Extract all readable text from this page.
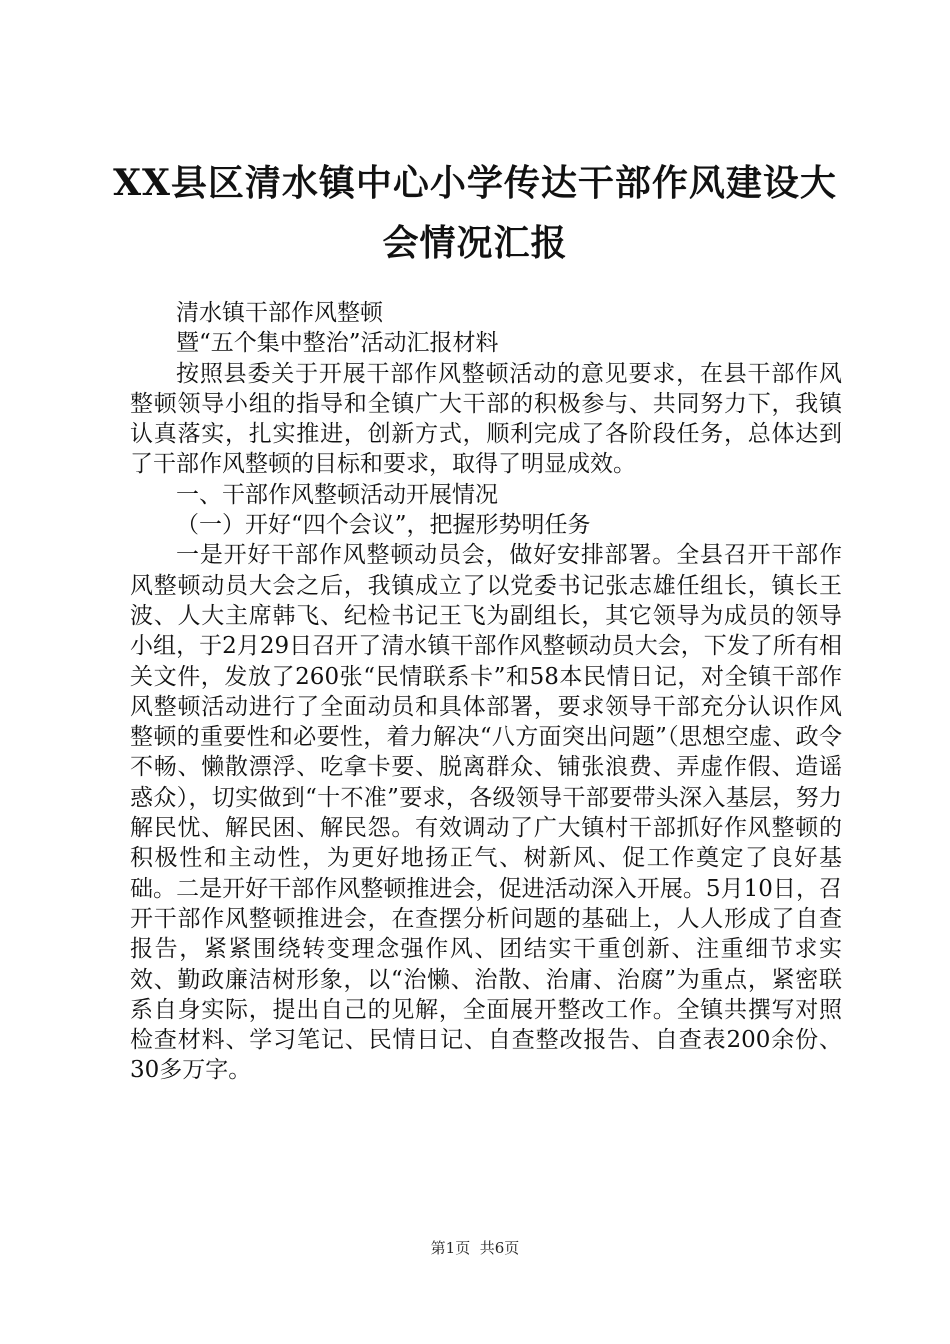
XX县区清水镇中心小学传达干部作风建设大
会情况汇报

清水镇干部作风整顿

暨“五个集中整治”活动汇报材料

按照县委关于开展干部作风整顿活动的意见要求，在县干部作风整顿领导小组的指导和全镇广大干部的积极参与、共同努力下，我镇认真落实，扎实推进，创新方式，顺利完成了各阶段任务，总体达到了干部作风整顿的目标和要求，取得了明显成效。

一、干部作风整顿活动开展情况

（一）开好“四个会议”，把握形势明任务

一是开好干部作风整顿动员会，做好安排部署。全县召开干部作风整顿动员大会之后，我镇成立了以党委书记张志雄任组长，镇长王波、人大主席韩飞、纪检书记王飞为副组长，其它领导为成员的领导小组，于2月29日召开了清水镇干部作风整顿动员大会，下发了所有相关文件，发放了260张“民情联系卡”和58本民情日记，对全镇干部作风整顿活动进行了全面动员和具体部署，要求领导干部充分认识作风整顿的重要性和必要性，着力解决“八方面突出问题”（思想空虚、政令不畅、懒散漂浮、吃拿卡要、脱离群众、铺张浪费、弄虚作假、造谣惑众），切实做到“十不准”要求，各级领导干部要带头深入基层，努力解民忧、解民困、解民怨。有效调动了广大镇村干部抓好作风整顿的积极性和主动性，为更好地扬正气、树新风、促工作奠定了良好基础。二是开好干部作风整顿推进会，促进活动深入开展。5月10日，召开干部作风整顿推进会，在查摆分析问题的基础上，人人形成了自查报告，紧紧围绕转变理念强作风、团结实干重创新、注重细节求实效、勤政廉洁树形象，以“治懒、治散、治庸、治腐”为重点，紧密联系自身实际，提出自己的见解，全面展开整改工作。全镇共撰写对照检查材料、学习笔记、民情日记、自查整改报告、自查表200余份、30多万字。

第1页 共6页
